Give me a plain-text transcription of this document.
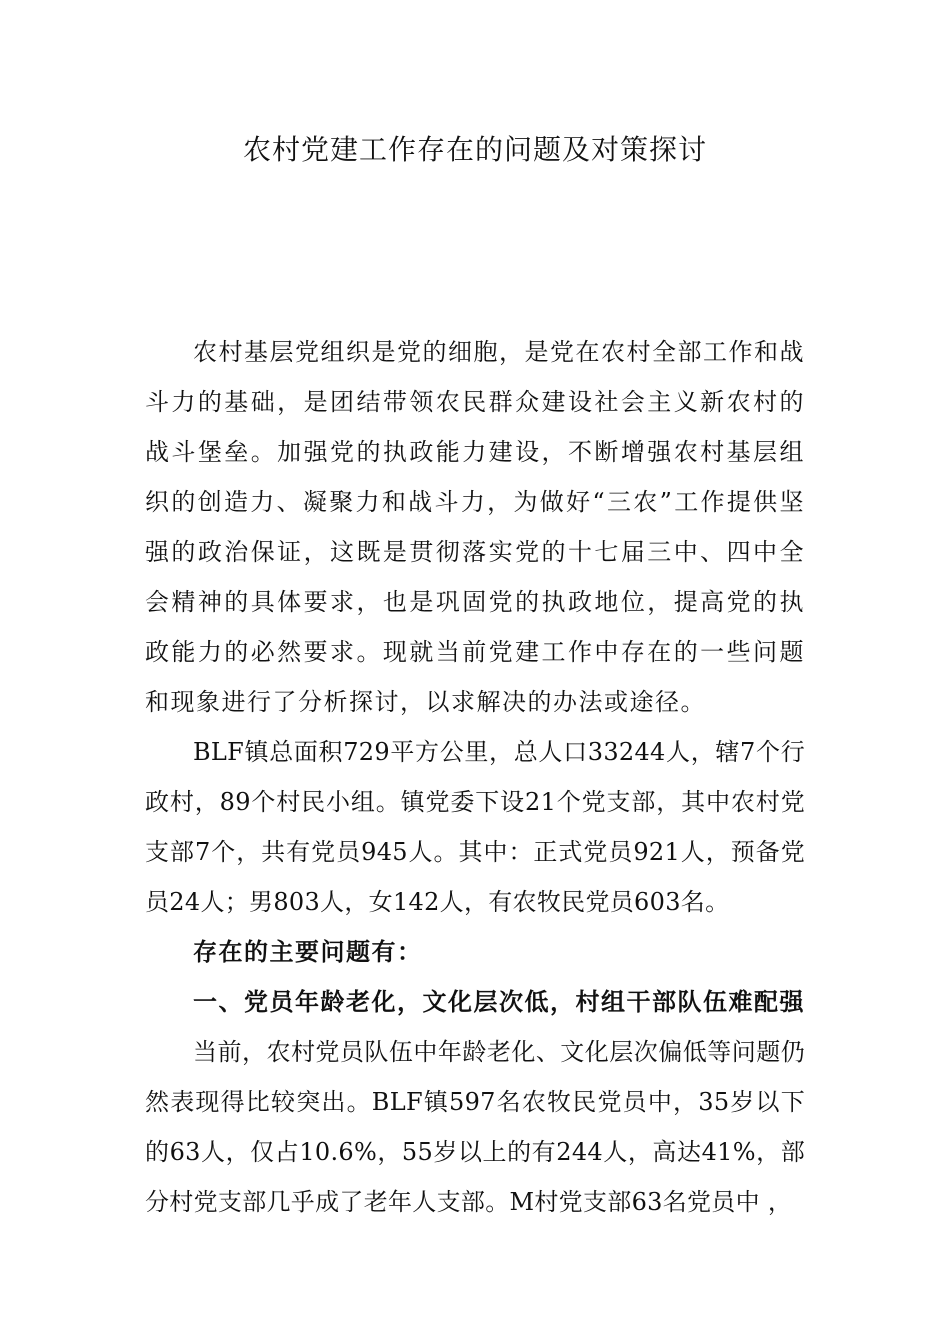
农村党建工作存在的问题及对策探讨

农村基层党组织是党的细胞，是党在农村全部工作和战斗力的基础，是团结带领农民群众建设社会主义新农村的战斗堡垒。加强党的执政能力建设，不断增强农村基层组织的创造力、凝聚力和战斗力，为做好“三农”工作提供坚强的政治保证，这既是贯彻落实党的十七届三中、四中全会精神的具体要求，也是巩固党的执政地位，提高党的执政能力的必然要求。现就当前党建工作中存在的一些问题和现象进行了分析探讨，以求解决的办法或途径。

BLF镇总面积729平方公里，总人口33244人，辖7个行政村，89个村民小组。镇党委下设21个党支部，其中农村党支部7个，共有党员945人。其中：正式党员921人，预备党员24人；男803人，女142人，有农牧民党员603名。

存在的主要问题有：

一、党员年龄老化，文化层次低，村组干部队伍难配强

当前，农村党员队伍中年龄老化、文化层次偏低等问题仍然表现得比较突出。BLF镇597名农牧民党员中，35岁以下的63人，仅占10.6%，55岁以上的有244人，高达41%，部分村党支部几乎成了老年人支部。M村党支部63名党员中 ，
